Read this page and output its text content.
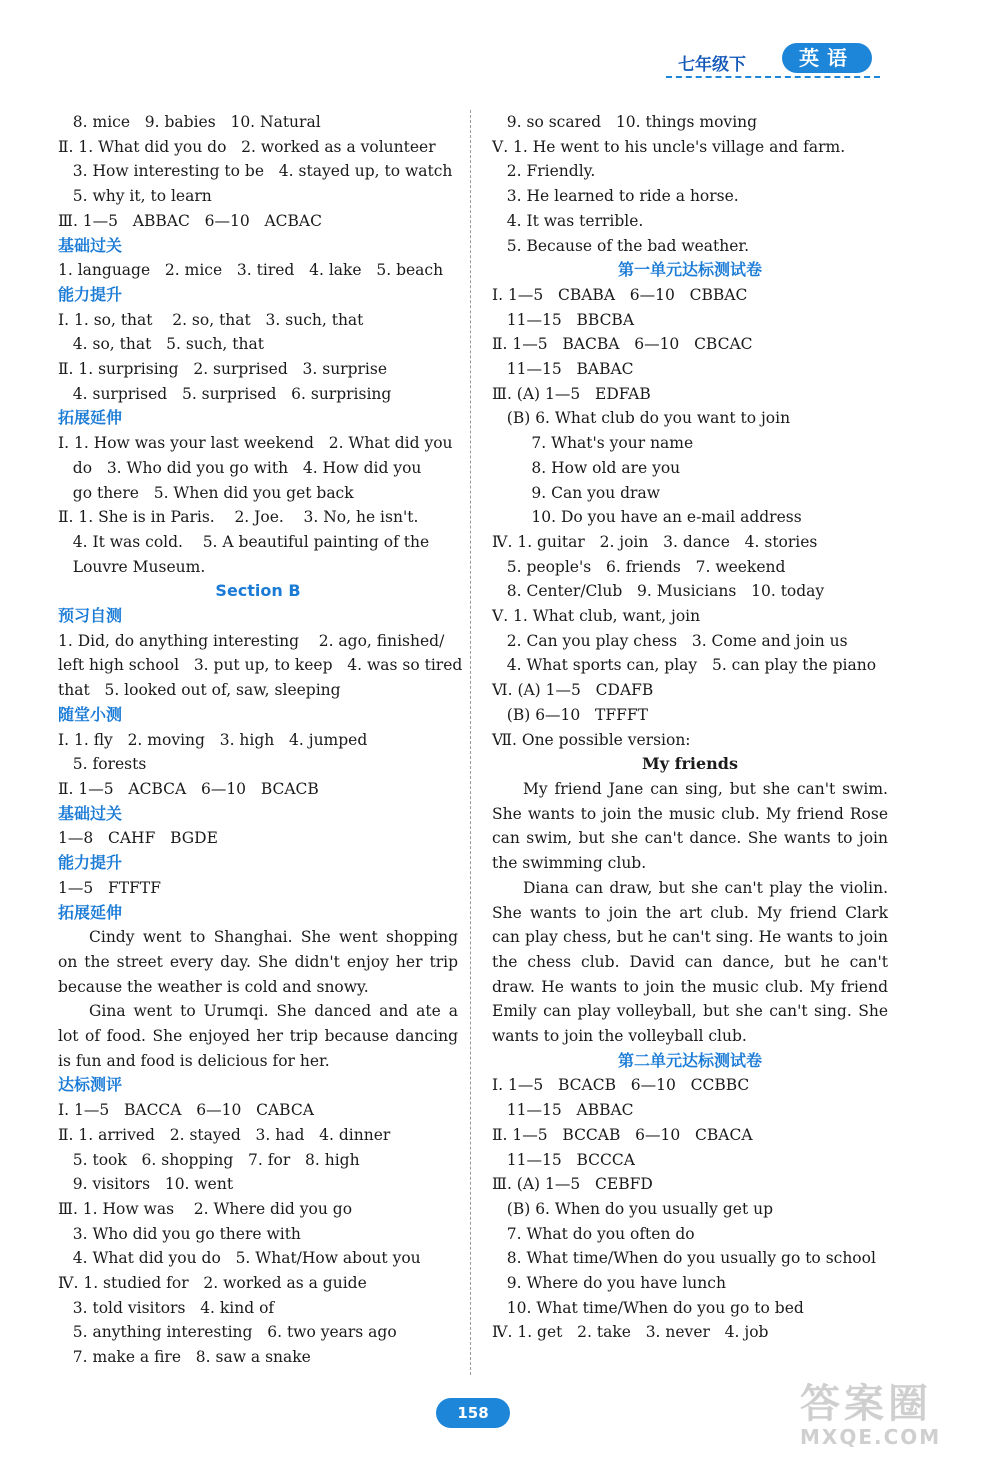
七年级下	英语
8. mice   9. babies   10. Natural
Ⅱ. 1. What did you do   2. worked as a volunteer
3. How interesting to be   4. stayed up, to watch
5. why it, to learn
Ⅲ. 1—5   ABBAC   6—10   ACBAC
基础过关
1. language   2. mice   3. tired   4. lake   5. beach
能力提升
Ⅰ. 1. so, that    2. so, that   3. such, that
4. so, that   5. such, that
Ⅱ. 1. surprising   2. surprised   3. surprise
4. surprised   5. surprised   6. surprising
拓展延伸
Ⅰ. 1. How was your last weekend   2. What did you
do   3. Who did you go with   4. How did you
go there   5. When did you get back
Ⅱ. 1. She is in Paris.    2. Joe.    3. No, he isn't.
4. It was cold.    5. A beautiful painting of the
Louvre Museum.
Section B
预习自测
1. Did, do anything interesting    2. ago, finished/
left high school   3. put up, to keep   4. was so tired
that   5. looked out of, saw, sleeping
随堂小测
Ⅰ. 1. fly   2. moving   3. high   4. jumped
5. forests
Ⅱ. 1—5   ACBCA   6—10   BCACB
基础过关
1—8   CAHF   BGDE
能力提升
1—5   FTFTF
拓展延伸
Cindy went to Shanghai. She went shopping on the street every day. She didn't enjoy her trip because the weather is cold and snowy.
Gina went to Urumqi. She danced and ate a lot of food. She enjoyed her trip because dancing is fun and food is delicious for her.
达标测评
Ⅰ. 1—5   BACCA   6—10   CABCA
Ⅱ. 1. arrived   2. stayed   3. had   4. dinner
5. took   6. shopping   7. for   8. high
9. visitors   10. went
Ⅲ. 1. How was    2. Where did you go
3. Who did you go there with
4. What did you do   5. What/How about you
Ⅳ. 1. studied for   2. worked as a guide
3. told visitors   4. kind of
5. anything interesting   6. two years ago
7. make a fire   8. saw a snake
9. so scared   10. things moving
Ⅴ. 1. He went to his uncle's village and farm.
2. Friendly.
3. He learned to ride a horse.
4. It was terrible.
5. Because of the bad weather.
第一单元达标测试卷
Ⅰ. 1—5   CBABA   6—10   CBBAC
11—15   BBCBA
Ⅱ. 1—5   BACBA   6—10   CBCAC
11—15   BABAC
Ⅲ. (A) 1—5   EDFAB
(B) 6. What club do you want to join
7. What's your name
8. How old are you
9. Can you draw
10. Do you have an e-mail address
Ⅳ. 1. guitar   2. join   3. dance   4. stories
5. people's   6. friends   7. weekend
8. Center/Club   9. Musicians   10. today
Ⅴ. 1. What club, want, join
2. Can you play chess   3. Come and join us
4. What sports can, play   5. can play the piano
Ⅵ. (A) 1—5   CDAFB
(B) 6—10   TFFFT
Ⅶ. One possible version:
My friends
My friend Jane can sing, but she can't swim. She wants to join the music club. My friend Rose can swim, but she can't dance. She wants to join the swimming club.
Diana can draw, but she can't play the violin. She wants to join the art club. My friend Clark can play chess, but he can't sing. He wants to join the chess club. David can dance, but he can't draw. He wants to join the music club. My friend Emily can play volleyball, but she can't sing. She wants to join the volleyball club.
第二单元达标测试卷
Ⅰ. 1—5   BCACB   6—10   CCBBC
11—15   ABBAC
Ⅱ. 1—5   BCCAB   6—10   CBACA
11—15   BCCCA
Ⅲ. (A) 1—5   CEBFD
(B) 6. When do you usually get up
7. What do you often do
8. What time/When do you usually go to school
9. Where do you have lunch
10. What time/When do you go to bed
Ⅳ. 1. get   2. take   3. never   4. job
158	答案圈
MXQE.COM
